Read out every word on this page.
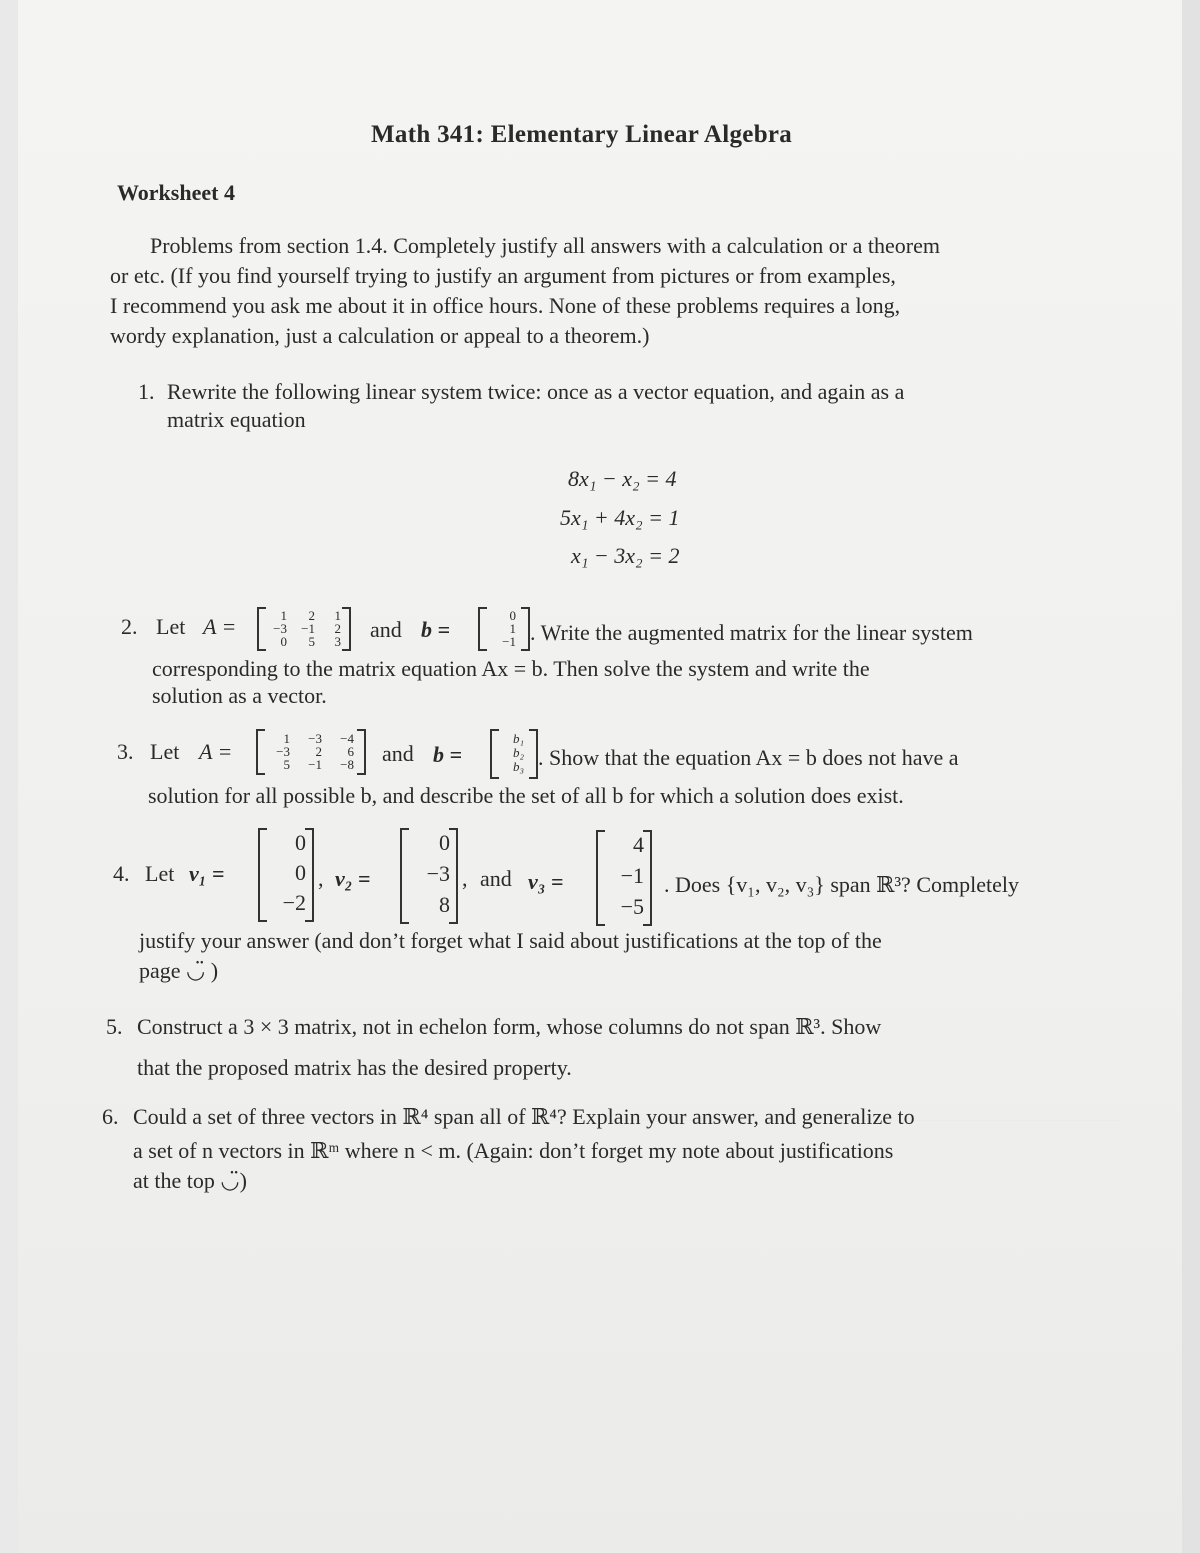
Math 341: Elementary Linear Algebra
Worksheet 4
Problems from section 1.4. Completely justify all answers with a calculation or a theorem
or etc. (If you find yourself trying to justify an argument from pictures or from examples,
I recommend you ask me about it in office hours. None of these problems requires a long,
wordy explanation, just a calculation or appeal to a theorem.)
1. Rewrite the following linear system twice: once as a vector equation, and again as a
matrix equation
8x₁ − x₂ = 4
5x₁ + 4x₂ = 1
x₁ − 3x₂ = 2
2. Let A =	1	2	1
−3	−1	2
0	5	3 and b =
0
1
−1 . Write the augmented matrix for the linear system
corresponding to the matrix equation Ax = b. Then solve the system and write the
solution as a vector.
3. Let A =
1	−3	−4
−3	2	6
5	−1	−8 and b =
b₁
b₂
b₃ . Show that the equation Ax = b does not have a
solution for all possible b, and describe the set of all b for which a solution does exist.
4. Let v₁ =
0
0
−2
, v₂ =
0
−3
8
, and v₃ =
4
−1
−5
. Does {v₁, v₂, v₃} span ℝ³? Completely
justify your answer (and don’t forget what I said about justifications at the top of the
page ◡̈ )
5. Construct a 3 × 3 matrix, not in echelon form, whose columns do not span ℝ³. Show
that the proposed matrix has the desired property.
6. Could a set of three vectors in ℝ⁴ span all of ℝ⁴? Explain your answer, and generalize to
a set of n vectors in ℝᵐ where n < m. (Again: don’t forget my note about justifications
at the top ◡̈)
